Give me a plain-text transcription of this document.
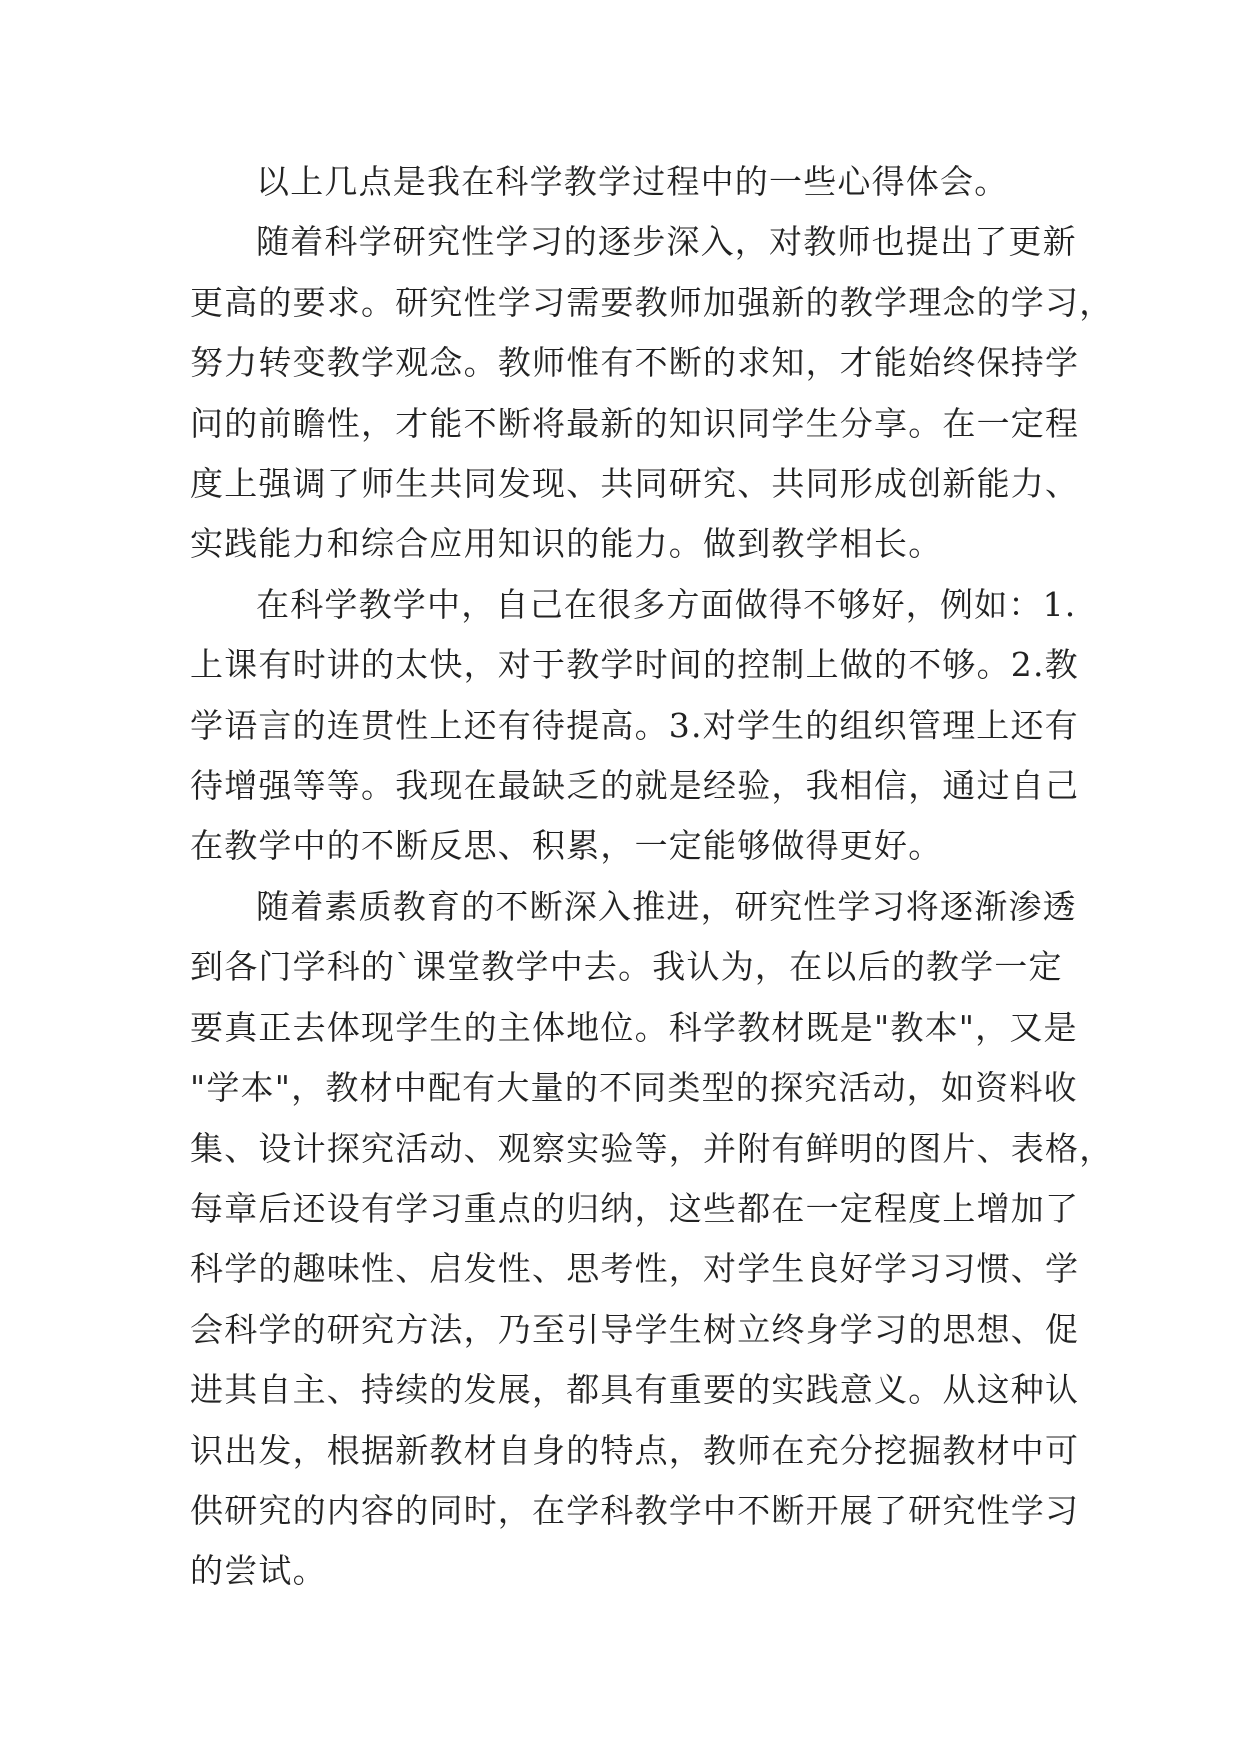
以上几点是我在科学教学过程中的一些心得体会。
随着科学研究性学习的逐步深入，对教师也提出了更新
更高的要求。研究性学习需要教师加强新的教学理念的学习，
努力转变教学观念。教师惟有不断的求知，才能始终保持学
问的前瞻性，才能不断将最新的知识同学生分享。在一定程
度上强调了师生共同发现、共同研究、共同形成创新能力、
实践能力和综合应用知识的能力。做到教学相长。
在科学教学中，自己在很多方面做得不够好，例如：1.
上课有时讲的太快，对于教学时间的控制上做的不够。2.教
学语言的连贯性上还有待提高。3.对学生的组织管理上还有
待增强等等。我现在最缺乏的就是经验，我相信，通过自己
在教学中的不断反思、积累，一定能够做得更好。
随着素质教育的不断深入推进，研究性学习将逐渐渗透
到各门学科的`课堂教学中去。我认为，在以后的教学一定
要真正去体现学生的主体地位。科学教材既是"教本"，又是
"学本"，教材中配有大量的不同类型的探究活动，如资料收
集、设计探究活动、观察实验等，并附有鲜明的图片、表格，
每章后还设有学习重点的归纳，这些都在一定程度上增加了
科学的趣味性、启发性、思考性，对学生良好学习习惯、学
会科学的研究方法，乃至引导学生树立终身学习的思想、促
进其自主、持续的发展，都具有重要的实践意义。从这种认
识出发，根据新教材自身的特点，教师在充分挖掘教材中可
供研究的内容的同时，在学科教学中不断开展了研究性学习
的尝试。
